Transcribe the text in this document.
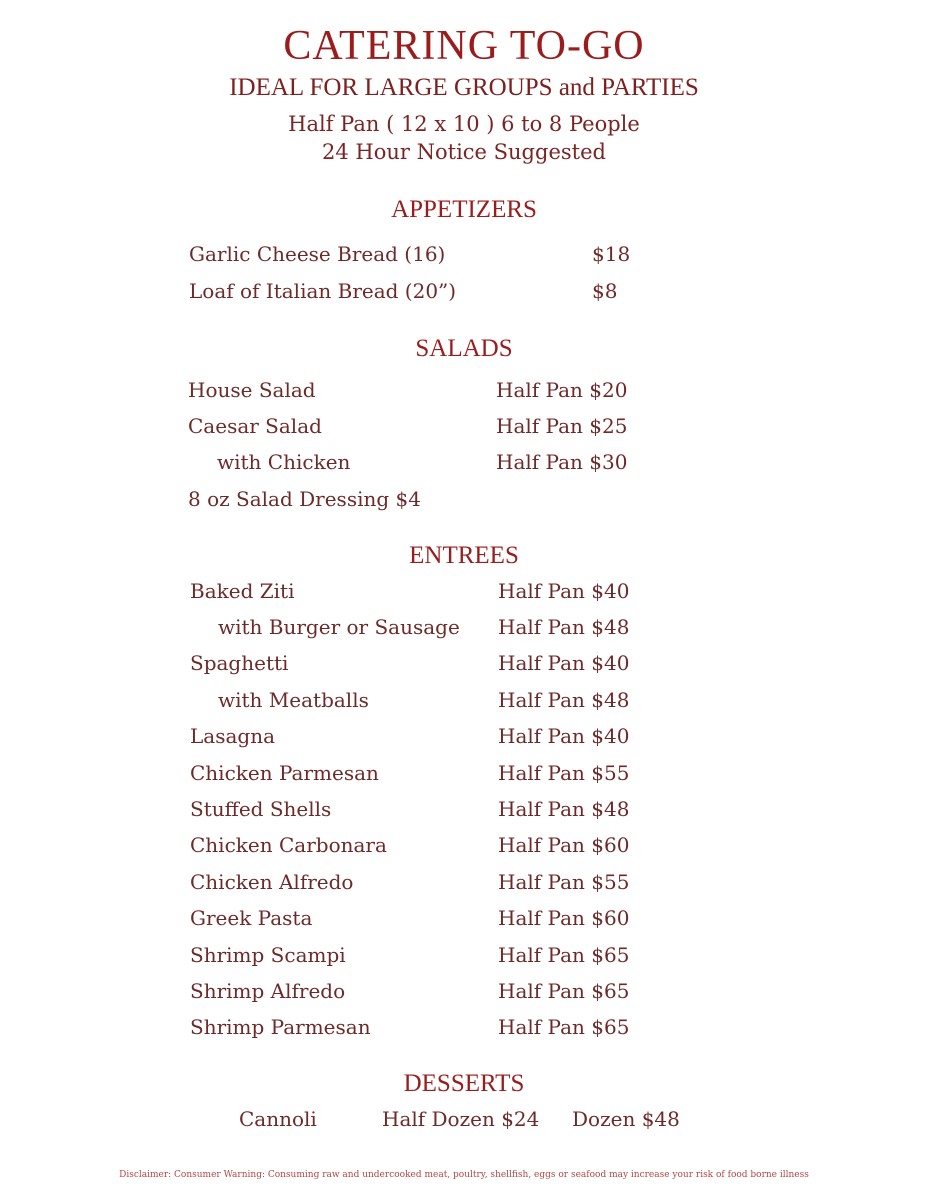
CATERING TO-GO
IDEAL FOR LARGE GROUPS and PARTIES
Half Pan ( 12 x 10 ) 6 to 8 People
24 Hour Notice Suggested
APPETIZERS
Garlic Cheese Bread (16)	$18
Loaf of Italian Bread (20”)	$8
SALADS
House Salad	Half Pan $20
Caesar Salad	Half Pan $25
with Chicken	Half Pan $30
8 oz Salad Dressing $4
ENTREES
Baked Ziti	Half Pan $40
with Burger or Sausage Half Pan $48
Spaghetti	Half Pan $40
with Meatballs	Half Pan $48
Lasagna	Half Pan $40
Chicken Parmesan	Half Pan $55
Stuffed Shells	Half Pan $48
Chicken Carbonara	Half Pan $60
Chicken Alfredo	Half Pan $55
Greek Pasta	Half Pan $60
Shrimp Scampi	Half Pan $65
Shrimp Alfredo	Half Pan $65
Shrimp Parmesan	Half Pan $65
DESSERTS
Cannoli	Half Dozen $24 Dozen $48
Disclaimer: Consumer Warning: Consuming raw and undercooked meat, poultry, shellfish, eggs or seafood may increase your risk of food borne illness
